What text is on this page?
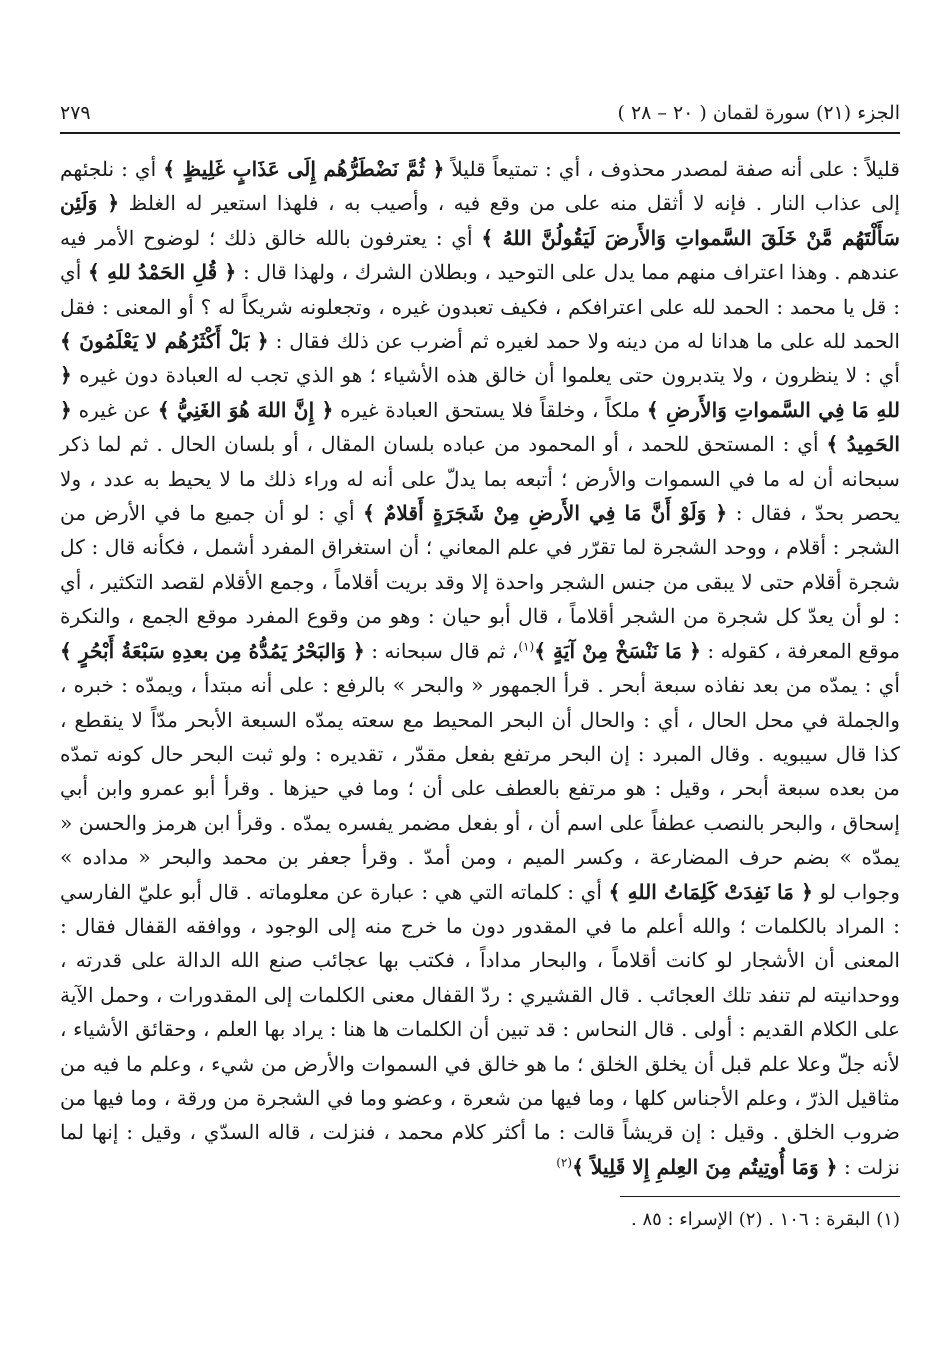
الجزء (٢١) سورة لقمان ( ٢٠ – ٢٨ )
٢٧٩
قليلاً : على أنه صفة لمصدر محذوف ، أي : تمتيعاً قليلاً ﴿ ثُمَّ نَضْطَرُّهُم إِلَى عَذَابٍ غَلِيظٍ ﴾ أي : نلجئهم إلى عذاب النار . فإنه لا أثقل منه على من وقع فيه ، وأصيب به ، فلهذا استعير له الغلظ ﴿ وَلَئِن سَأَلْتَهُم مَّنْ خَلَقَ السَّمواتِ وَالأَرضَ لَيَقُولُنَّ اللهُ ﴾ أي : يعترفون بالله خالق ذلك ؛ لوضوح الأمر فيه عندهم . وهذا اعتراف منهم مما يدل على التوحيد ، وبطلان الشرك ، ولهذا قال : ﴿ قُلِ الحَمْدُ للهِ ﴾ أي : قل يا محمد : الحمد لله على اعترافكم ، فكيف تعبدون غيره ، وتجعلونه شريكاً له ؟ أو المعنى : فقل الحمد لله على ما هدانا له من دينه ولا حمد لغيره ثم أضرب عن ذلك فقال : ﴿ بَلْ أَكْثَرُهُم لا يَعْلَمُونَ ﴾ أي : لا ينظرون ، ولا يتدبرون حتى يعلموا أن خالق هذه الأشياء ؛ هو الذي تجب له العبادة دون غيره ﴿ للهِ مَا فِي السَّمواتِ وَالأَرضِ ﴾ ملكاً ، وخلقاً فلا يستحق العبادة غيره ﴿ إِنَّ اللهَ هُوَ الغَنِيُّ ﴾ عن غيره ﴿ الحَمِيدُ ﴾ أي : المستحق للحمد ، أو المحمود من عباده بلسان المقال ، أو بلسان الحال . ثم لما ذكر سبحانه أن له ما في السموات والأرض ؛ أتبعه بما يدلّ على أنه له وراء ذلك ما لا يحيط به عدد ، ولا يحصر بحدّ ، فقال : ﴿ وَلَوْ أَنَّ مَا فِي الأَرضِ مِنْ شَجَرَةٍ أَقلامٌ ﴾ أي : لو أن جميع ما في الأرض من الشجر : أقلام ، ووحد الشجرة لما تقرّر في علم المعاني ؛ أن استغراق المفرد أشمل ، فكأنه قال : كل شجرة أقلام حتى لا يبقى من جنس الشجر واحدة إلا وقد بريت أقلاماً ، وجمع الأقلام لقصد التكثير ، أي : لو أن يعدّ كل شجرة من الشجر أقلاماً ، قال أبو حيان : وهو من وقوع المفرد موقع الجمع ، والنكرة موقع المعرفة ، كقوله : ﴿ مَا نَنْسَخْ مِنْ آيَةٍ ﴾$^{(١)}$، ثم قال سبحانه : ﴿ وَالبَحْرُ يَمُدُّهُ مِن بعدِهِ سَبْعَةُ أَبْحُرٍ ﴾ أي : يمدّه من بعد نفاذه سبعة أبحر . قرأ الجمهور « والبحر » بالرفع : على أنه مبتدأ ، ويمدّه : خبره ، والجملة في محل الحال ، أي : والحال أن البحر المحيط مع سعته يمدّه السبعة الأبحر مدّاً لا ينقطع ، كذا قال سيبويه . وقال المبرد : إن البحر مرتفع بفعل مقدّر ، تقديره : ولو ثبت البحر حال كونه تمدّه من بعده سبعة أبحر ، وقيل : هو مرتفع بالعطف على أن ؛ وما في حيزها . وقرأ أبو عمرو وابن أبي إسحاق ، والبحر بالنصب عطفاً على اسم أن ، أو بفعل مضمر يفسره يمدّه . وقرأ ابن هرمز والحسن « يمدّه » بضم حرف المضارعة ، وكسر الميم ، ومن أمدّ . وقرأ جعفر بن محمد والبحر « مداده » وجواب لو ﴿ مَا نَفِدَتْ كَلِمَاتُ اللهِ ﴾ أي : كلماته التي هي : عبارة عن معلوماته . قال أبو عليّ الفارسي : المراد بالكلمات ؛ والله أعلم ما في المقدور دون ما خرج منه إلى الوجود ، ووافقه القفال فقال : المعنى أن الأشجار لو كانت أقلاماً ، والبحار مداداً ، فكتب بها عجائب صنع الله الدالة على قدرته ، ووحدانيته لم تنفد تلك العجائب . قال القشيري : ردّ القفال معنى الكلمات إلى المقدورات ، وحمل الآية على الكلام القديم : أولى . قال النحاس : قد تبين أن الكلمات ها هنا : يراد بها العلم ، وحقائق الأشياء ، لأنه جلّ وعلا علم قبل أن يخلق الخلق ؛ ما هو خالق في السموات والأرض من شيء ، وعلم ما فيه من مثاقيل الذرّ ، وعلم الأجناس كلها ، وما فيها من شعرة ، وعضو وما في الشجرة من ورقة ، وما فيها من ضروب الخلق . وقيل : إن قريشاً قالت : ما أكثر كلام محمد ، فنزلت ، قاله السدّي ، وقيل : إنها لما نزلت : ﴿ وَمَا أُوتِيتُم مِنَ العِلمِ إِلا قَلِيلاً ﴾$^{(٢)}$
(١) البقرة : ١٠٦ . (٢) الإسراء : ٨٥ .
